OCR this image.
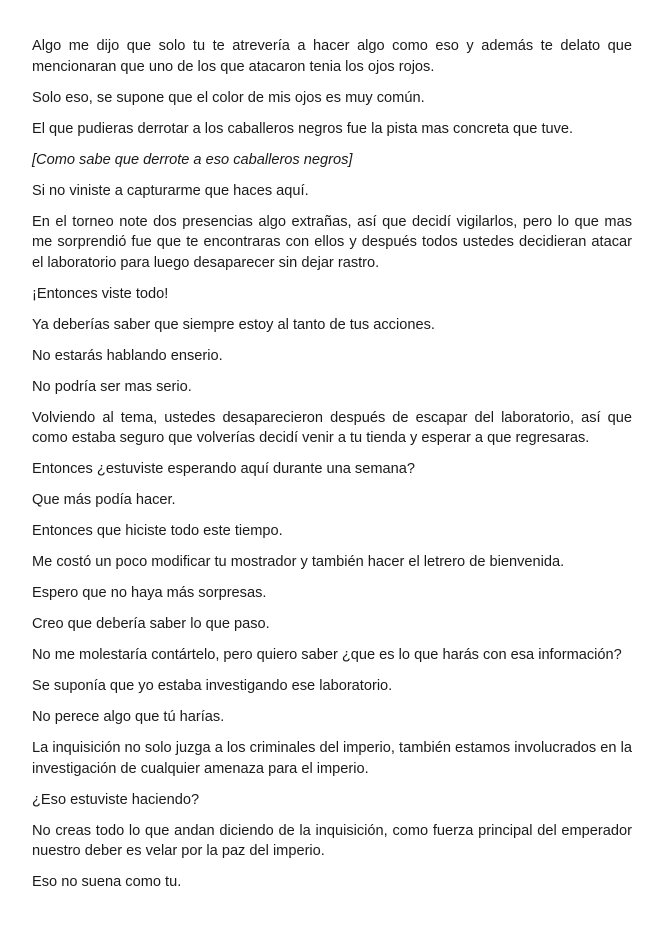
Algo me dijo que solo tu te atrevería a hacer algo como eso y además te delato que mencionaran que uno de los que atacaron tenia los ojos rojos.

Solo eso, se supone que el color de mis ojos es muy común.

El que pudieras derrotar a los caballeros negros fue la pista mas concreta que tuve.

[Como sabe que derrote a eso caballeros negros]

Si no viniste a capturarme que haces aquí.

En el torneo note dos presencias algo extrañas, así que decidí vigilarlos, pero lo que mas me sorprendió fue que te encontraras con ellos y después todos ustedes decidieran atacar el laboratorio para luego desaparecer sin dejar rastro.

¡Entonces viste todo!

Ya deberías saber que siempre estoy al tanto de tus acciones.

No estarás hablando enserio.

No podría ser mas serio.

Volviendo al tema, ustedes desaparecieron después de escapar del laboratorio, así que como estaba seguro que volverías decidí venir a tu tienda y esperar a que regresaras.

Entonces ¿estuviste esperando aquí durante una semana?

Que más podía hacer.

Entonces que hiciste todo este tiempo.

Me costó un poco modificar tu mostrador y también hacer el letrero de bienvenida.

Espero que no haya más sorpresas.

Creo que debería saber lo que paso.

No me molestaría contártelo, pero quiero saber ¿que es lo que harás con esa información?

Se suponía que yo estaba investigando ese laboratorio.

No perece algo que tú harías.

La inquisición no solo juzga a los criminales del imperio, también estamos involucrados en la investigación de cualquier amenaza para el imperio.

¿Eso estuviste haciendo?

No creas todo lo que andan diciendo de la inquisición, como fuerza principal del emperador nuestro deber es velar por la paz del imperio.

Eso no suena como tu.
